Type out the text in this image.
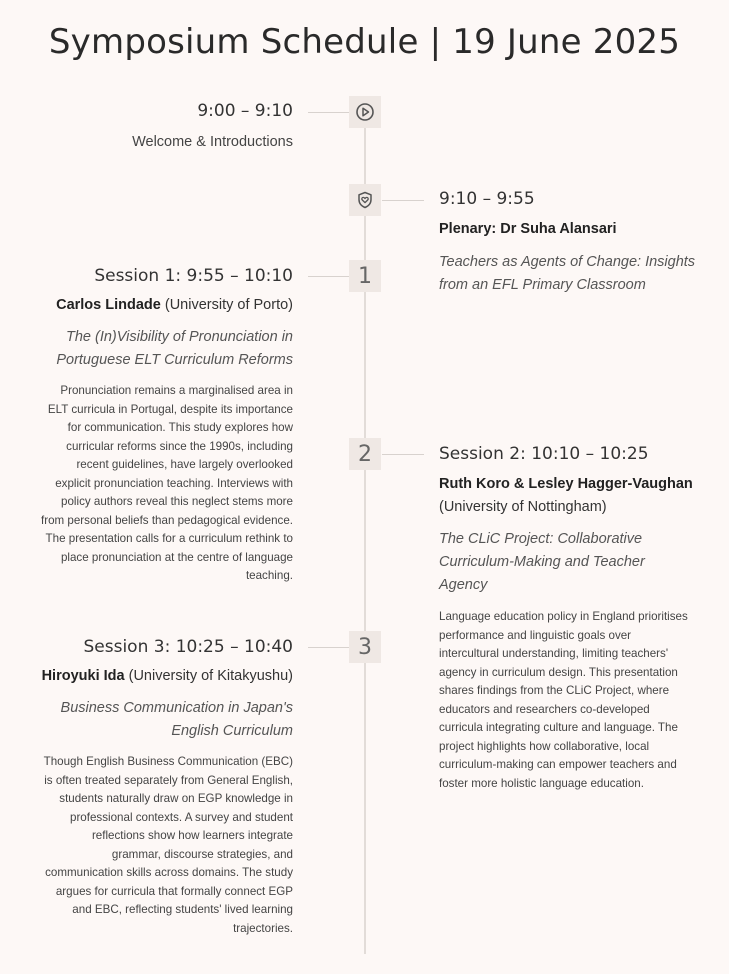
Symposium Schedule | 19 June 2025
9:00 – 9:10
Welcome & Introductions
9:10 – 9:55
Plenary: Dr Suha Alansari
Teachers as Agents of Change: Insights from an EFL Primary Classroom
Session 1: 9:55 – 10:10	1
Carlos Lindade (University of Porto)
The (In)Visibility of Pronunciation in Portuguese ELT Curriculum Reforms
Pronunciation remains a marginalised area in ELT curricula in Portugal, despite its importance for communication. This study explores how curricular reforms since the 1990s, including recent guidelines, have largely overlooked explicit pronunciation teaching. Interviews with policy authors reveal this neglect stems more from personal beliefs than pedagogical evidence. The presentation calls for a curriculum rethink to place pronunciation at the centre of language teaching.
2	Session 2: 10:10 – 10:25
Ruth Koro & Lesley Hagger-Vaughan
(University of Nottingham)
The CLiC Project: Collaborative Curriculum-Making and Teacher Agency
Language education policy in England prioritises performance and linguistic goals over intercultural understanding, limiting teachers' agency in curriculum design. This presentation shares findings from the CLiC Project, where educators and researchers co-developed curricula integrating culture and language. The project highlights how collaborative, local curriculum-making can empower teachers and foster more holistic language education.
Session 3: 10:25 – 10:40	3
Hiroyuki Ida (University of Kitakyushu)
Business Communication in Japan's English Curriculum
Though English Business Communication (EBC) is often treated separately from General English, students naturally draw on EGP knowledge in professional contexts. A survey and student reflections show how learners integrate grammar, discourse strategies, and communication skills across domains. The study argues for curricula that formally connect EGP and EBC, reflecting students' lived learning trajectories.
